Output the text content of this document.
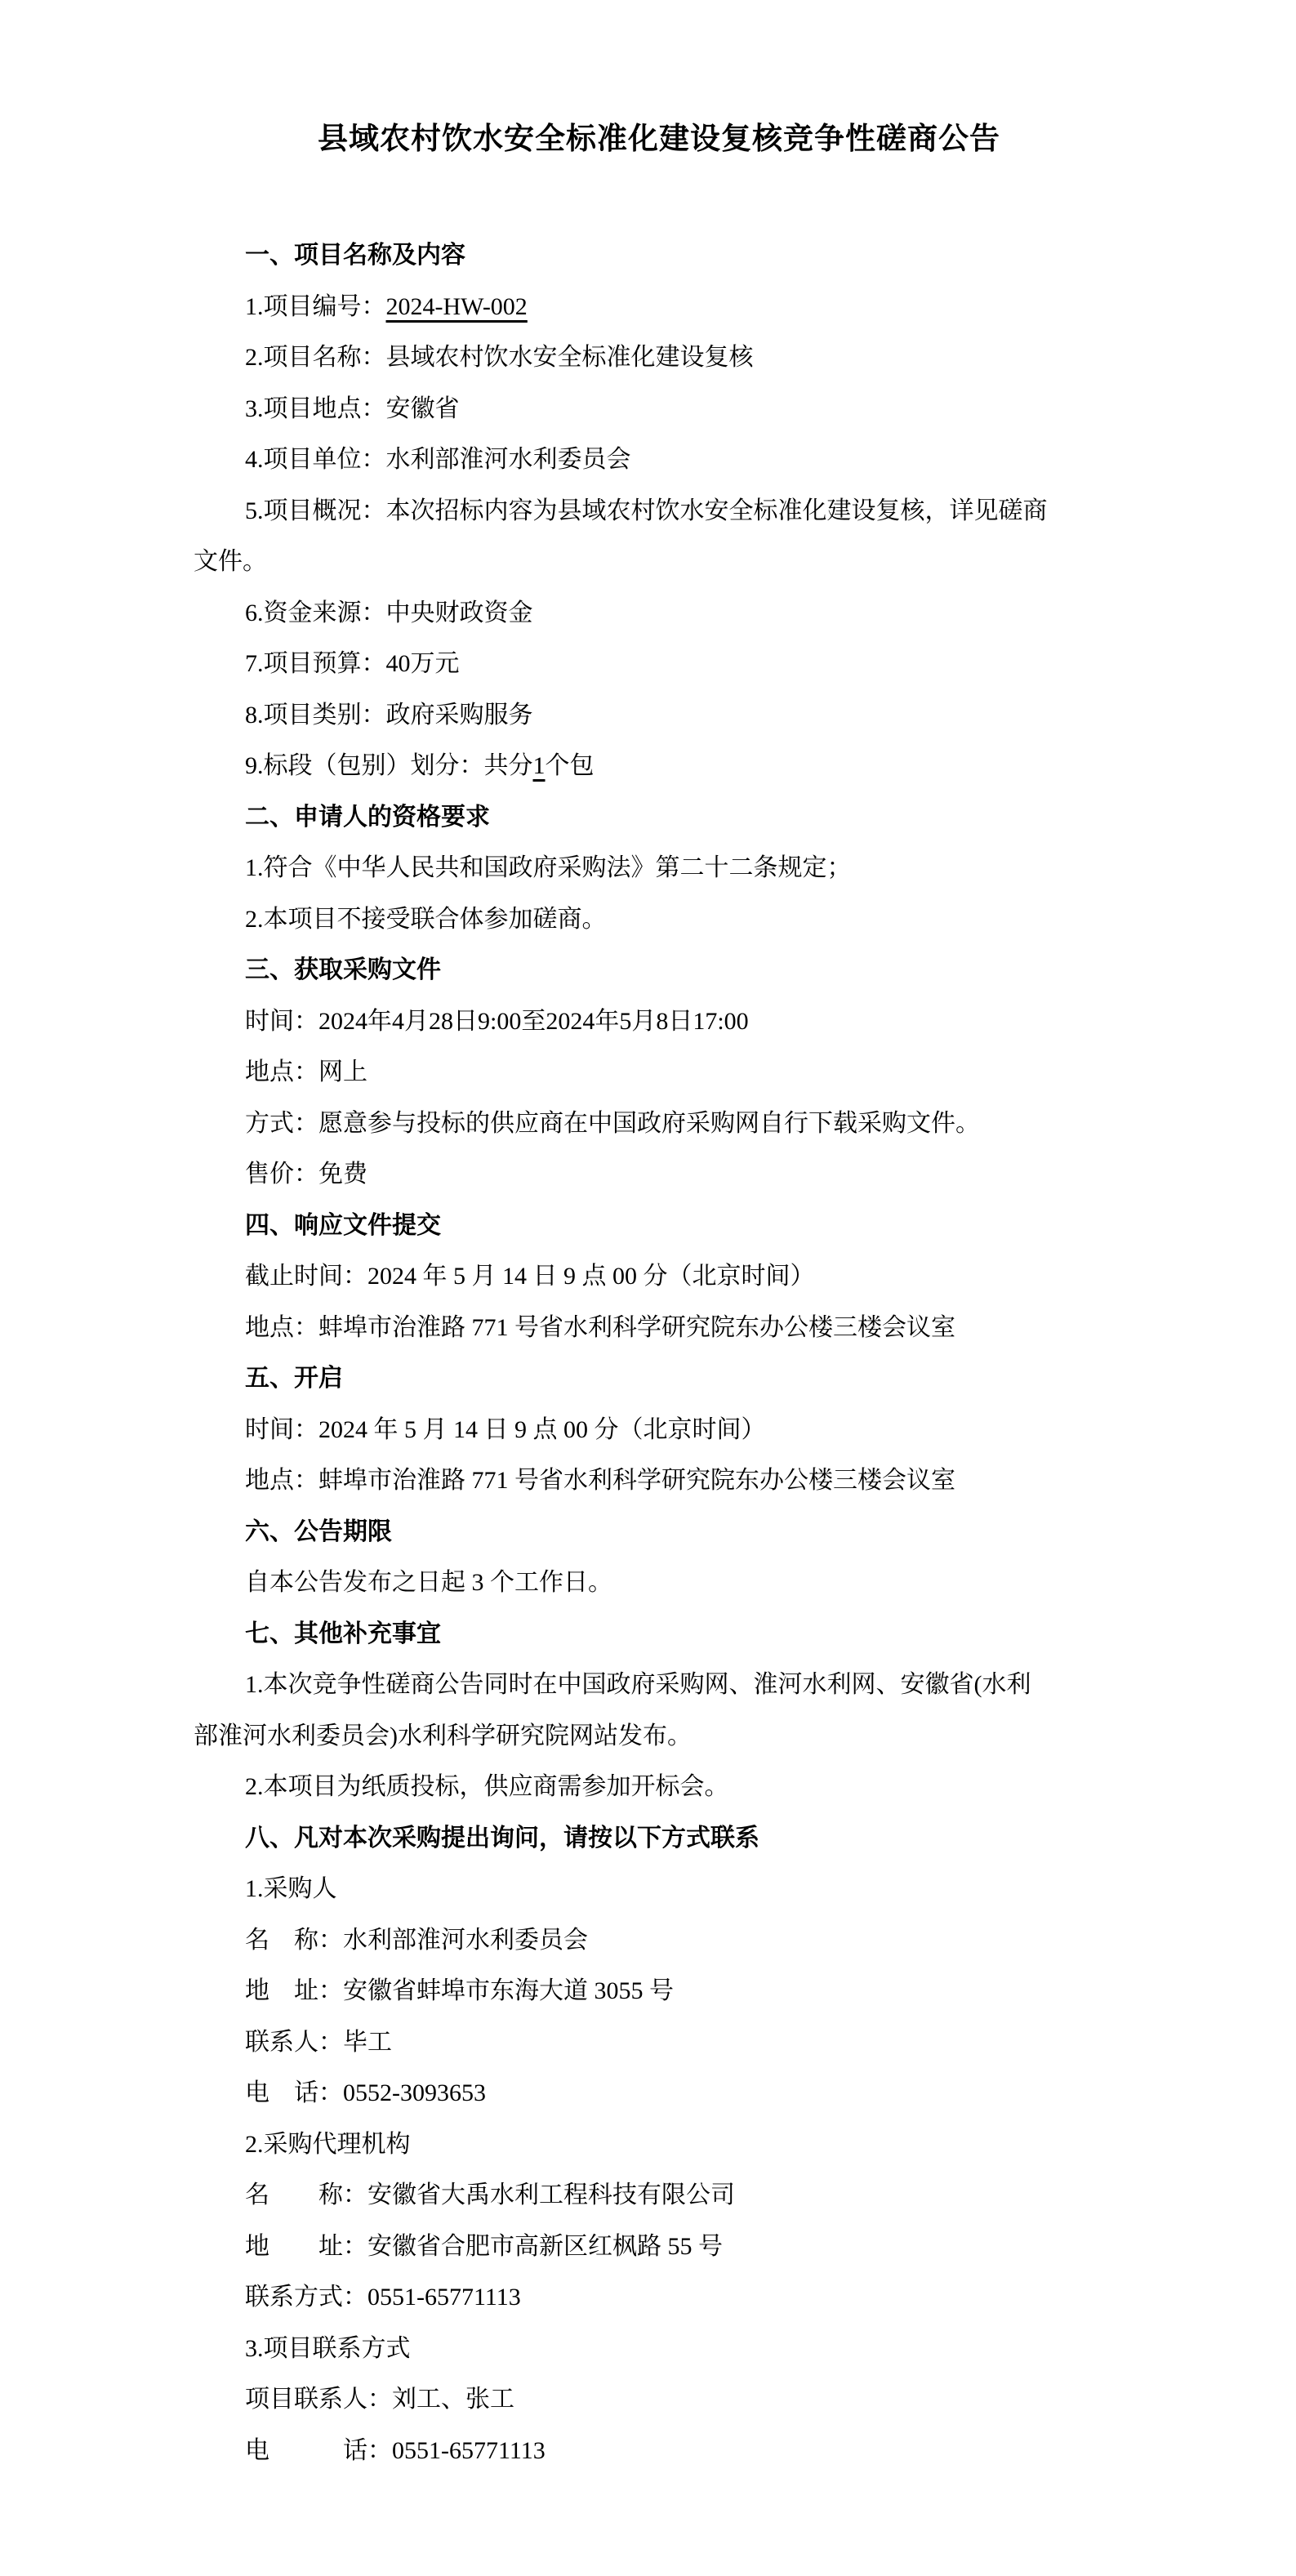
县域农村饮水安全标准化建设复核竞争性磋商公告

一、项目名称及内容

1.项目编号：2024-HW-002

2.项目名称：县域农村饮水安全标准化建设复核

3.项目地点：安徽省

4.项目单位：水利部淮河水利委员会

5.项目概况：本次招标内容为县域农村饮水安全标准化建设复核，详见磋商
文件。

6.资金来源：中央财政资金

7.项目预算：40万元

8.项目类别：政府采购服务

9.标段（包别）划分：共分1个包

二、申请人的资格要求

1.符合《中华人民共和国政府采购法》第二十二条规定；

2.本项目不接受联合体参加磋商。

三、获取采购文件

时间：2024年4月28日9:00至2024年5月8日17:00

地点：网上

方式：愿意参与投标的供应商在中国政府采购网自行下载采购文件。

售价：免费

四、响应文件提交

截止时间：2024 年 5 月 14 日 9 点 00 分（北京时间）

地点：蚌埠市治淮路 771 号省水利科学研究院东办公楼三楼会议室

五、开启

时间：2024 年 5 月 14 日 9 点 00 分（北京时间）

地点：蚌埠市治淮路 771 号省水利科学研究院东办公楼三楼会议室

六、公告期限

自本公告发布之日起 3 个工作日。

七、其他补充事宜

1.本次竞争性磋商公告同时在中国政府采购网、淮河水利网、安徽省(水利
部淮河水利委员会)水利科学研究院网站发布。

2.本项目为纸质投标，供应商需参加开标会。

八、凡对本次采购提出询问，请按以下方式联系

1.采购人

名　称：水利部淮河水利委员会

地　址：安徽省蚌埠市东海大道 3055 号

联系人：毕工

电　话：0552-3093653

2.采购代理机构

名　　称：安徽省大禹水利工程科技有限公司

地　　址：安徽省合肥市高新区红枫路 55 号

联系方式：0551-65771113

3.项目联系方式

项目联系人：刘工、张工

电　　　话：0551-65771113
